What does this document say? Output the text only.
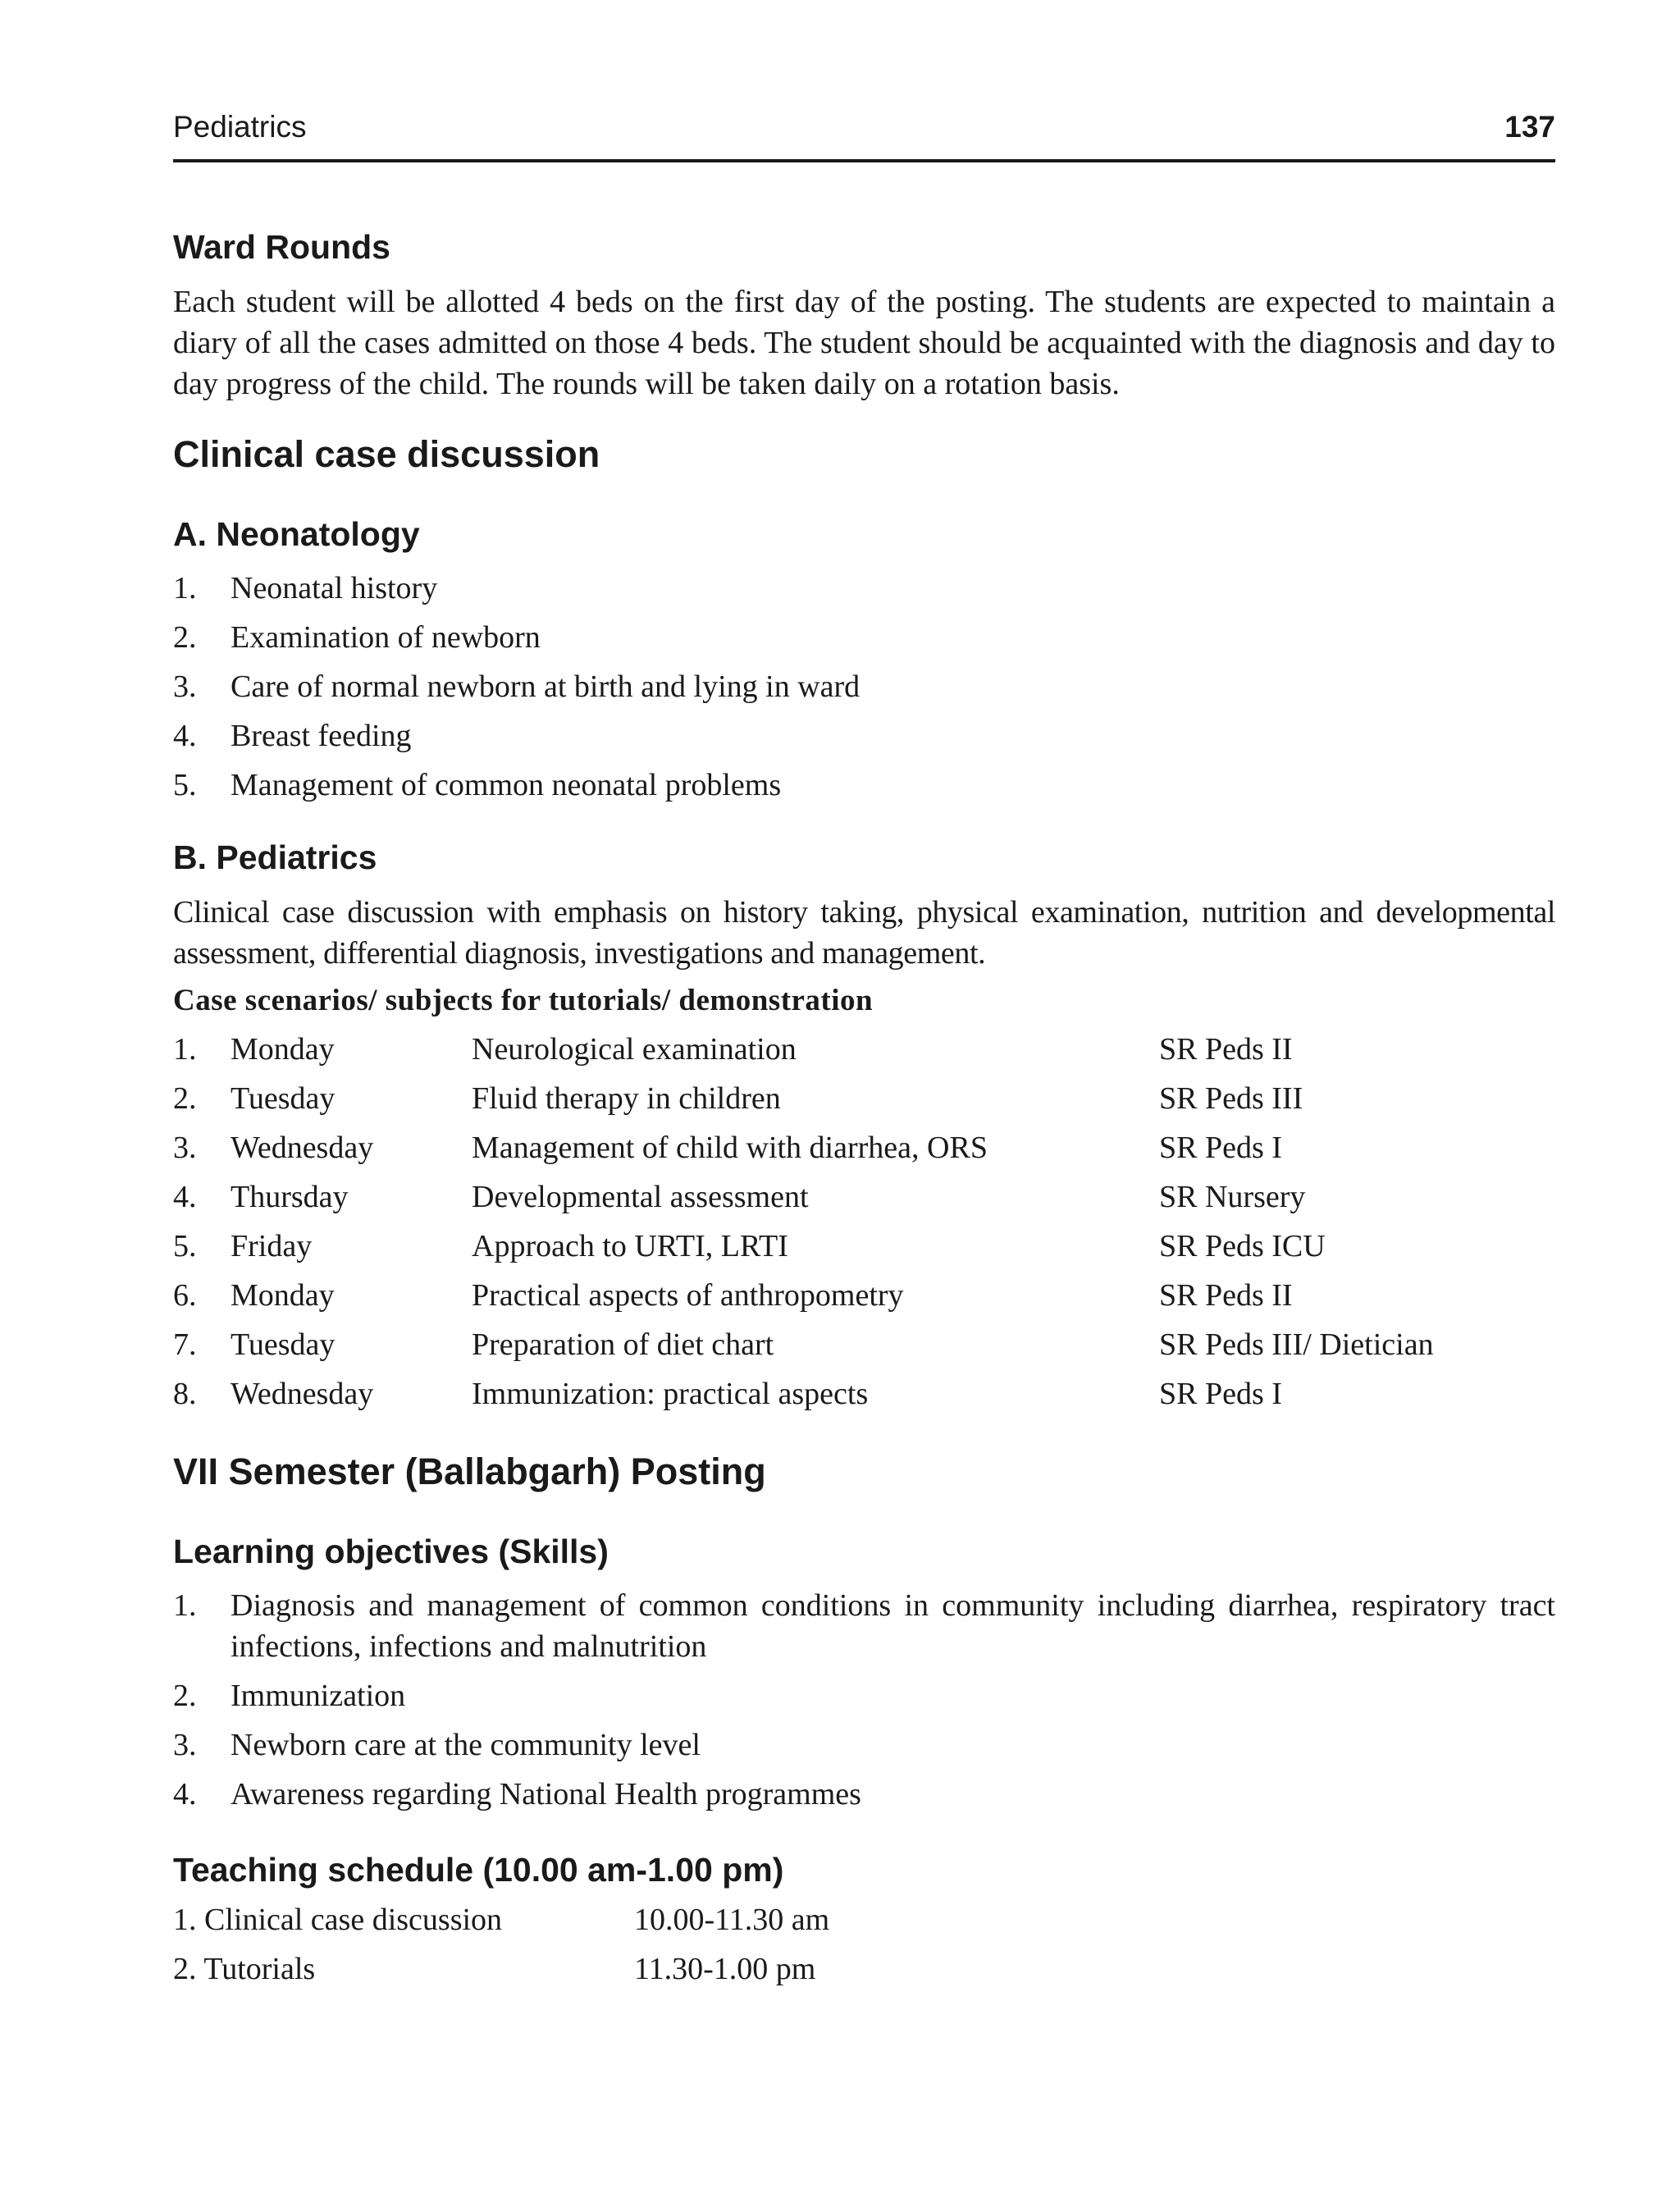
Pediatrics	137
Ward Rounds

Each student will be allotted 4 beds on the first day of the posting. The students are expected to maintain a diary of all the cases admitted on those 4 beds. The student should be acquainted with the diagnosis and day to day progress of the child. The rounds will be taken daily on a rotation basis.

Clinical case discussion
A. Neonatology
1. Neonatal history
2. Examination of newborn
3. Care of normal newborn at birth and lying in ward
4. Breast feeding
5. Management of common neonatal problems
B. Pediatrics

Clinical case discussion with emphasis on history taking, physical examination, nutrition and developmental assessment, differential diagnosis, investigations and management.

Case scenarios/ subjects for tutorials/ demonstration
1. Monday	Neurological examination	SR Peds II
2. Tuesday	Fluid therapy in children	SR Peds III
3. Wednesday	Management of child with diarrhea, ORS	SR Peds I
4. Thursday	Developmental assessment	SR Nursery
5. Friday	Approach to URTI, LRTI	SR Peds ICU
6. Monday	Practical aspects of anthropometry	SR Peds II
7. Tuesday	Preparation of diet chart	SR Peds III/ Dietician
8. Wednesday	Immunization: practical aspects	SR Peds I
VII Semester (Ballabgarh) Posting
Learning objectives (Skills)
1. Diagnosis and management of common conditions in community including diarrhea, respiratory tract infections, infections and malnutrition
2. Immunization
3. Newborn care at the community level
4. Awareness regarding National Health programmes
Teaching schedule (10.00 am-1.00 pm)
1. Clinical case discussion	10.00-11.30 am
2. Tutorials	11.30-1.00 pm
